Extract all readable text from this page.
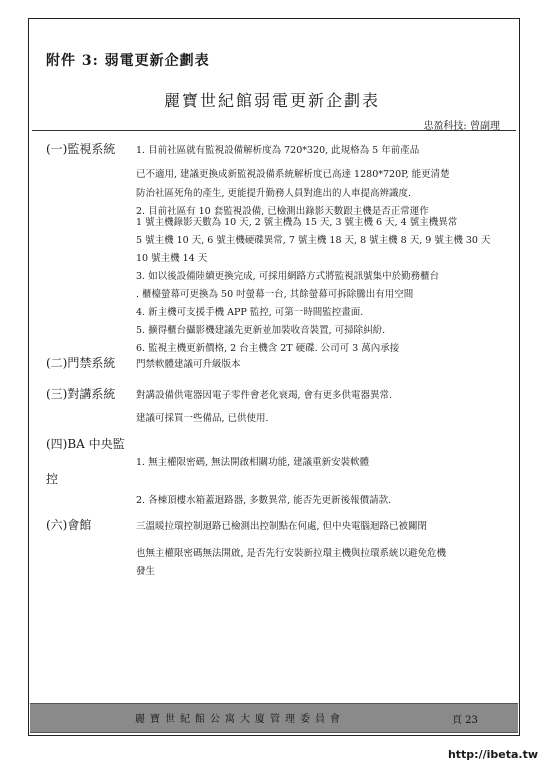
附件 3: 弱電更新企劃表
麗寶世紀館弱電更新企劃表
忠盈科技: 曾副理
(一)監視系統 1. 目前社區就有監視設備解析度為 720*320, 此規格為 5 年前產品
已不適用, 建議更換成新監視設備系統解析度已高達 1280*720P, 能更清楚
防治社區死角的產生, 更能提升勤務人員對進出的人車提高辨識度.
2. 目前社區有 10 套監視設備, 已檢測出錄影天數跟主機是否正常運作
1 號主機錄影天數為 10 天, 2 號主機為 15 天, 3 號主機 6 天, 4 號主機異常
5 號主機 10 天, 6 號主機硬碟異常, 7 號主機 18 天, 8 號主機 8 天, 9 號主機 30 天
10 號主機 14 天
3. 如以後設備陸續更換完成, 可採用網路方式將監視訊號集中於勤務櫃台
. 櫃檯螢幕可更換為 50 吋螢幕一台, 其餘螢幕可拆除騰出有用空間
4. 新主機可支援手機 APP 監控, 可第一時間監控畫面.
5. 擴得櫃台攝影機建議先更新並加裝收音裝置, 可掃除糾紛.
6. 監視主機更新價格, 2 台主機含 2T 硬碟. 公司可 3 萬內承接
(二)門禁系統 門禁軟體建議可升級版本
(三)對講系統 對講設備供電器因電子零件會老化衰竭, 會有更多供電器異常.
建議可採買一些備品, 已供使用.
(四)BA 中央監
1. 無主權限密碼, 無法開啟相關功能, 建議重新安裝軟體
控
2. 各棟頂樓水箱蓋迴路器, 多數異常, 能否先更新後報價請款.
(六)會館	三溫暖拉環控制迴路已檢測出控制點在何處, 但中央電腦迴路已被關閉
也無主權限密碼無法開啟, 是否先行安裝新拉環主機與拉環系統以避免危機
發生
麗寶世紀館公寓大廈管理委員會	頁 23
http://ibeta.tw
